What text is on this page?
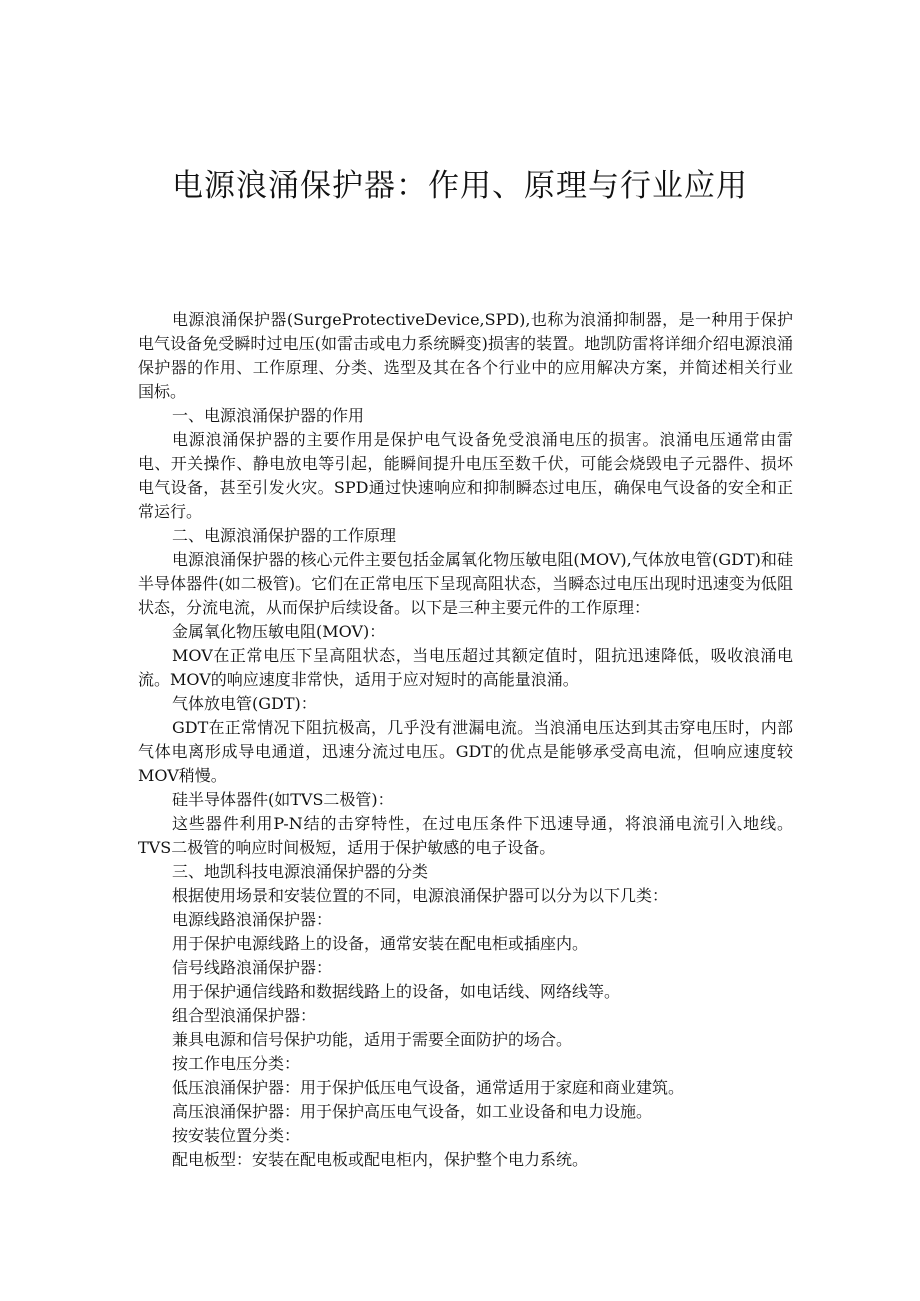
电源浪涌保护器：作用、原理与行业应用

电源浪涌保护器(SurgeProtectiveDevice,SPD),也称为浪涌抑制器，是一种用于保护电气设备免受瞬时过电压(如雷击或电力系统瞬变)损害的装置。地凯防雷将详细介绍电源浪涌保护器的作用、工作原理、分类、选型及其在各个行业中的应用解决方案，并简述相关行业国标。

一、电源浪涌保护器的作用

电源浪涌保护器的主要作用是保护电气设备免受浪涌电压的损害。浪涌电压通常由雷电、开关操作、静电放电等引起，能瞬间提升电压至数千伏，可能会烧毁电子元器件、损坏电气设备，甚至引发火灾。SPD通过快速响应和抑制瞬态过电压，确保电气设备的安全和正常运行。

二、电源浪涌保护器的工作原理

电源浪涌保护器的核心元件主要包括金属氧化物压敏电阻(MOV),气体放电管(GDT)和硅半导体器件(如二极管)。它们在正常电压下呈现高阻状态，当瞬态过电压出现时迅速变为低阻状态，分流电流，从而保护后续设备。以下是三种主要元件的工作原理：

金属氧化物压敏电阻(MOV)：

MOV在正常电压下呈高阻状态，当电压超过其额定值时，阻抗迅速降低，吸收浪涌电流。MOV的响应速度非常快，适用于应对短时的高能量浪涌。

气体放电管(GDT)：

GDT在正常情况下阻抗极高，几乎没有泄漏电流。当浪涌电压达到其击穿电压时，内部气体电离形成导电通道，迅速分流过电压。GDT的优点是能够承受高电流，但响应速度较MOV稍慢。

硅半导体器件(如TVS二极管)：

这些器件利用P-N结的击穿特性，在过电压条件下迅速导通，将浪涌电流引入地线。TVS二极管的响应时间极短，适用于保护敏感的电子设备。

三、地凯科技电源浪涌保护器的分类

根据使用场景和安装位置的不同，电源浪涌保护器可以分为以下几类：

电源线路浪涌保护器：

用于保护电源线路上的设备，通常安装在配电柜或插座内。

信号线路浪涌保护器：

用于保护通信线路和数据线路上的设备，如电话线、网络线等。

组合型浪涌保护器：

兼具电源和信号保护功能，适用于需要全面防护的场合。

按工作电压分类：

低压浪涌保护器：用于保护低压电气设备，通常适用于家庭和商业建筑。

高压浪涌保护器：用于保护高压电气设备，如工业设备和电力设施。

按安装位置分类：

配电板型：安装在配电板或配电柜内，保护整个电力系统。
